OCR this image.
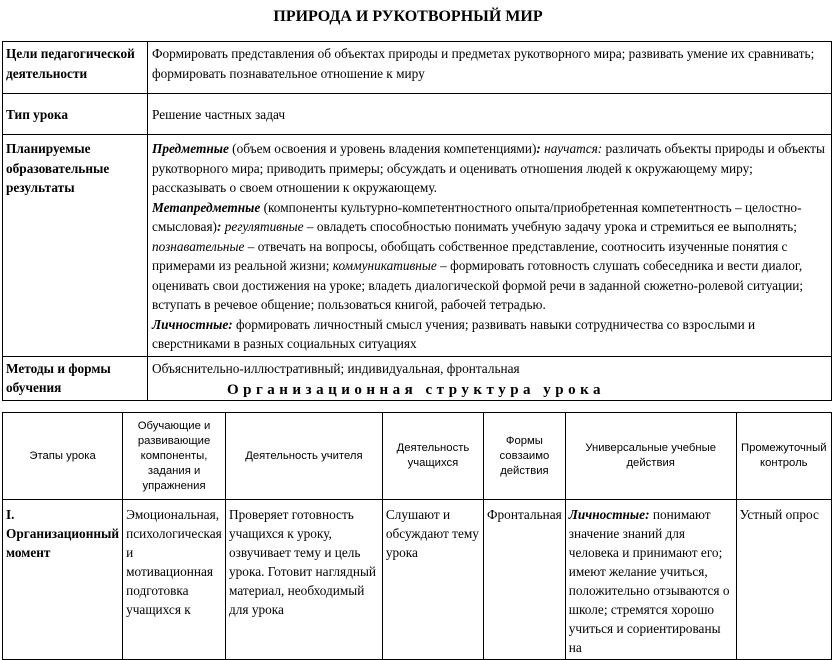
ПРИРОДА И РУКОТВОРНЫЙ МИР
Цели педагогической деятельности	Формировать представления об объектах природы и предметах рукотворного мира; развивать умение их сравнивать; формировать познавательное отношение к миру
Тип урока	Решение частных задач
Планируемые образовательные результаты	Предметные (объем освоения и уровень владения компетенциями): научатся: различать объекты природы и объекты рукотворного мира; приводить примеры; обсуждать и оценивать отношения людей к окружающему миру; рассказывать о своем отношении к окружающему.
Метапредметные (компоненты культурно-компетентностного опыта/приобретенная компетентность – целостно-смысловая): регулятивные – овладеть способностью понимать учебную задачу урока и стремиться ее выполнять; познавательные – отвечать на вопросы, обобщать собственное представление, соотносить изученные понятия с примерами из реальной жизни; коммуникативные – формировать готовность слушать собеседника и вести диалог, оценивать свои достижения на уроке; владеть диалогической формой речи в заданной сюжетно-ролевой ситуации; вступать в речевое общение; пользоваться книгой, рабочей тетрадью.
Личностные: формировать личностный смысл учения; развивать навыки сотрудничества со взрослыми и сверстниками в разных социальных ситуациях
Методы и формы обучения	Объяснительно-иллюстративный; индивидуальная, фронтальная
Организационная структура урока
Этапы урока	Обучающие и развивающие компоненты, задания и упражнения	Деятельность учителя	Деятельность учащихся	Формы совзаимо действия	Универсальные учебные действия	Промежуточный контроль
I. Организационный момент	Эмоциональная, психологическая и мотивационная подготовка учащихся к	Проверяет готовность учащихся к уроку, озвучивает тему и цель урока. Готовит наглядный материал, необходимый для урока	Слушают и обсуждают тему урока	Фронтальная	Личностные: понимают значение знаний для человека и принимают его; имеют желание учиться, положительно отзываются о школе; стремятся хорошо учиться и сориентированы на	Устный опрос
